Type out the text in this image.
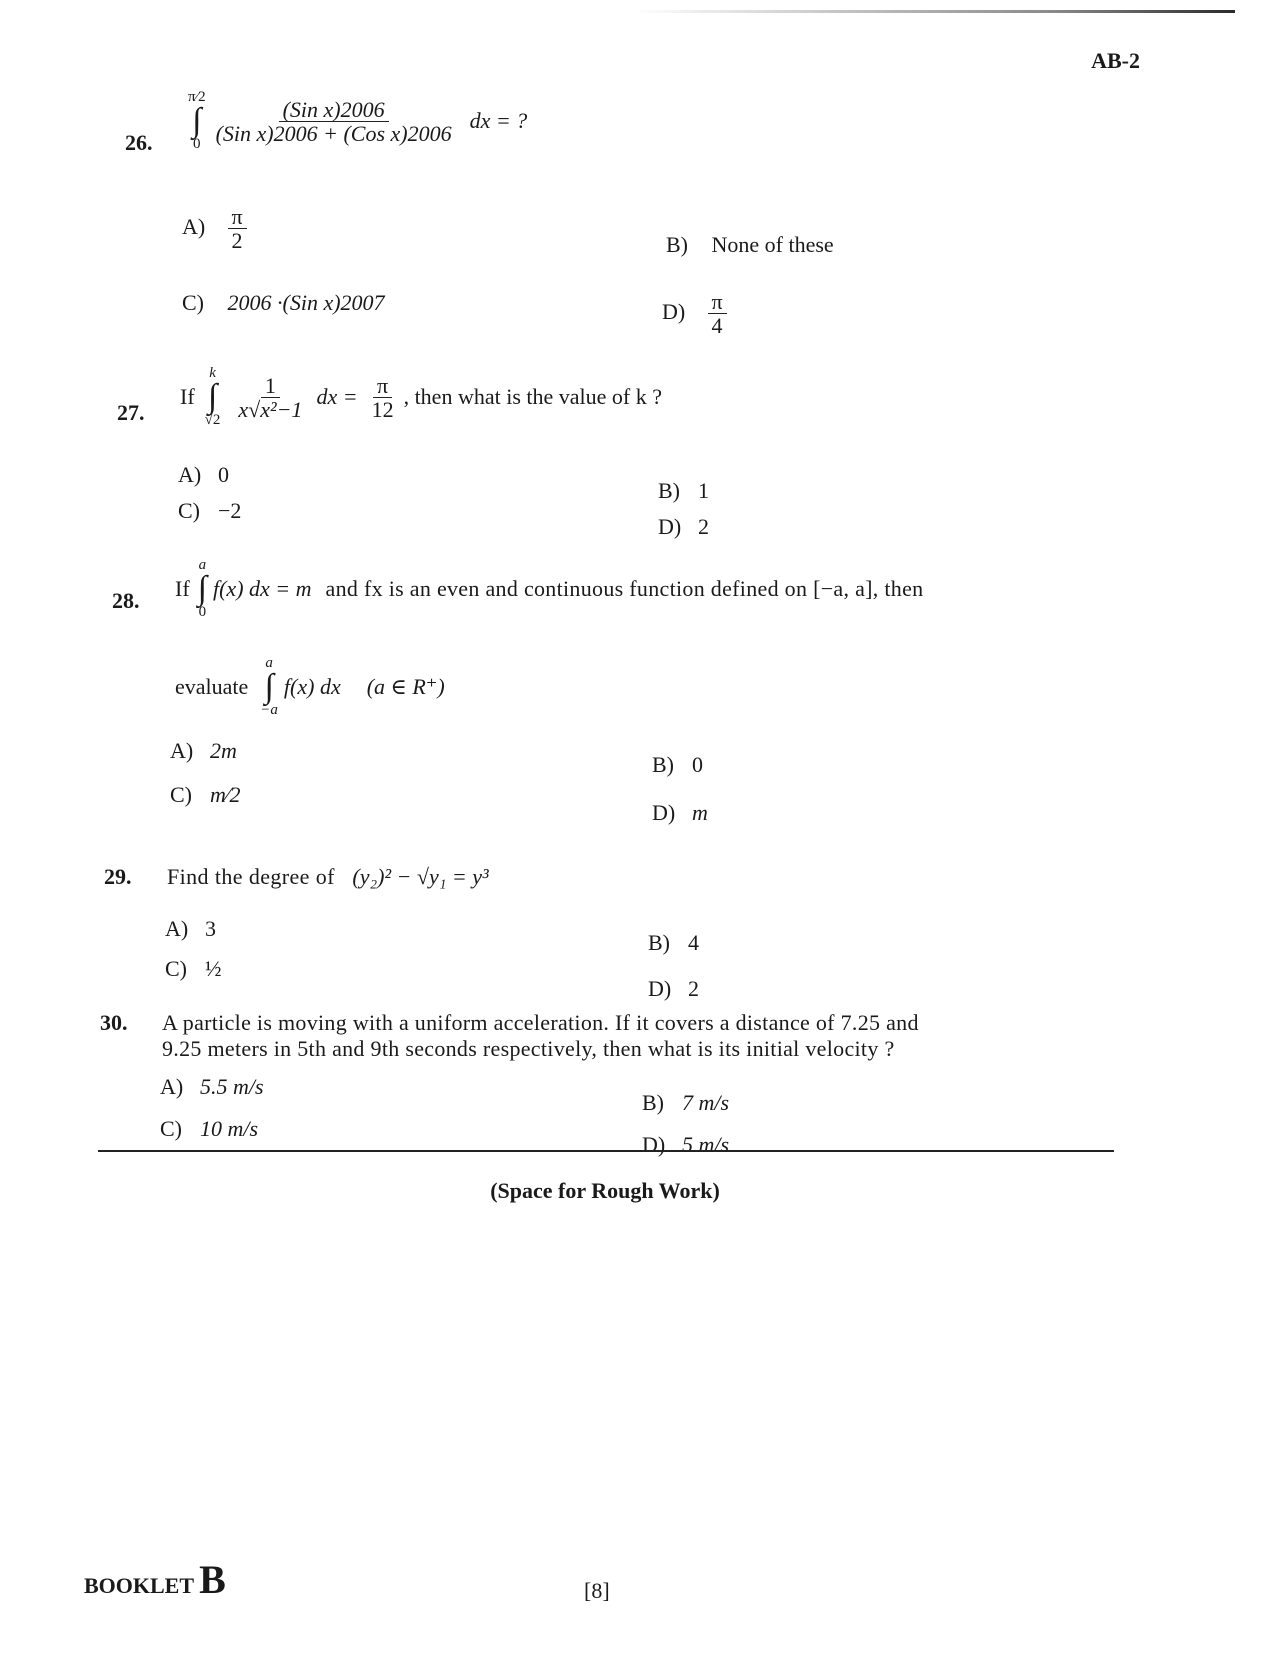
AB-2
26.
π⁄2
∫
$0 \frac{\text{(Sin x)2006}}{\text{(Sin x)2006 + (Cos x)2006}}$ dx = ?
$A) \frac{\pi}{2}$	B) None of these
C) 2006 ·(Sin x)2007	$D) \frac{\pi}{4}$
27.
If
k
∫
$√2 \frac{1}{\text{x√x²−1}}$ dx = $\frac{\pi}{12}$ , then what is the value of k ?
A) 0
B) 1
C) −2
D) 2
28. If
a
∫
0
f(x) dx = m and fx is an even and continuous function defined on [−a, a], then
evaluate
a
∫
−a
f(x) dx (a ∈ R⁺)
A) 2m
B) 0
C) m⁄2
D) m
29. Find the degree of (y₂)² − √y₁ = y³
A) 3
B) 4
C) ½
D) 2
30. A particle is moving with a uniform acceleration. If it covers a distance of 7.25 and
9.25 meters in 5th and 9th seconds respectively, then what is its initial velocity ?
A) 5.5 m/s
B) 7 m/s
C) 10 m/s
D) 5 m/s
(Space for Rough Work)
BOOKLET B	[8]
